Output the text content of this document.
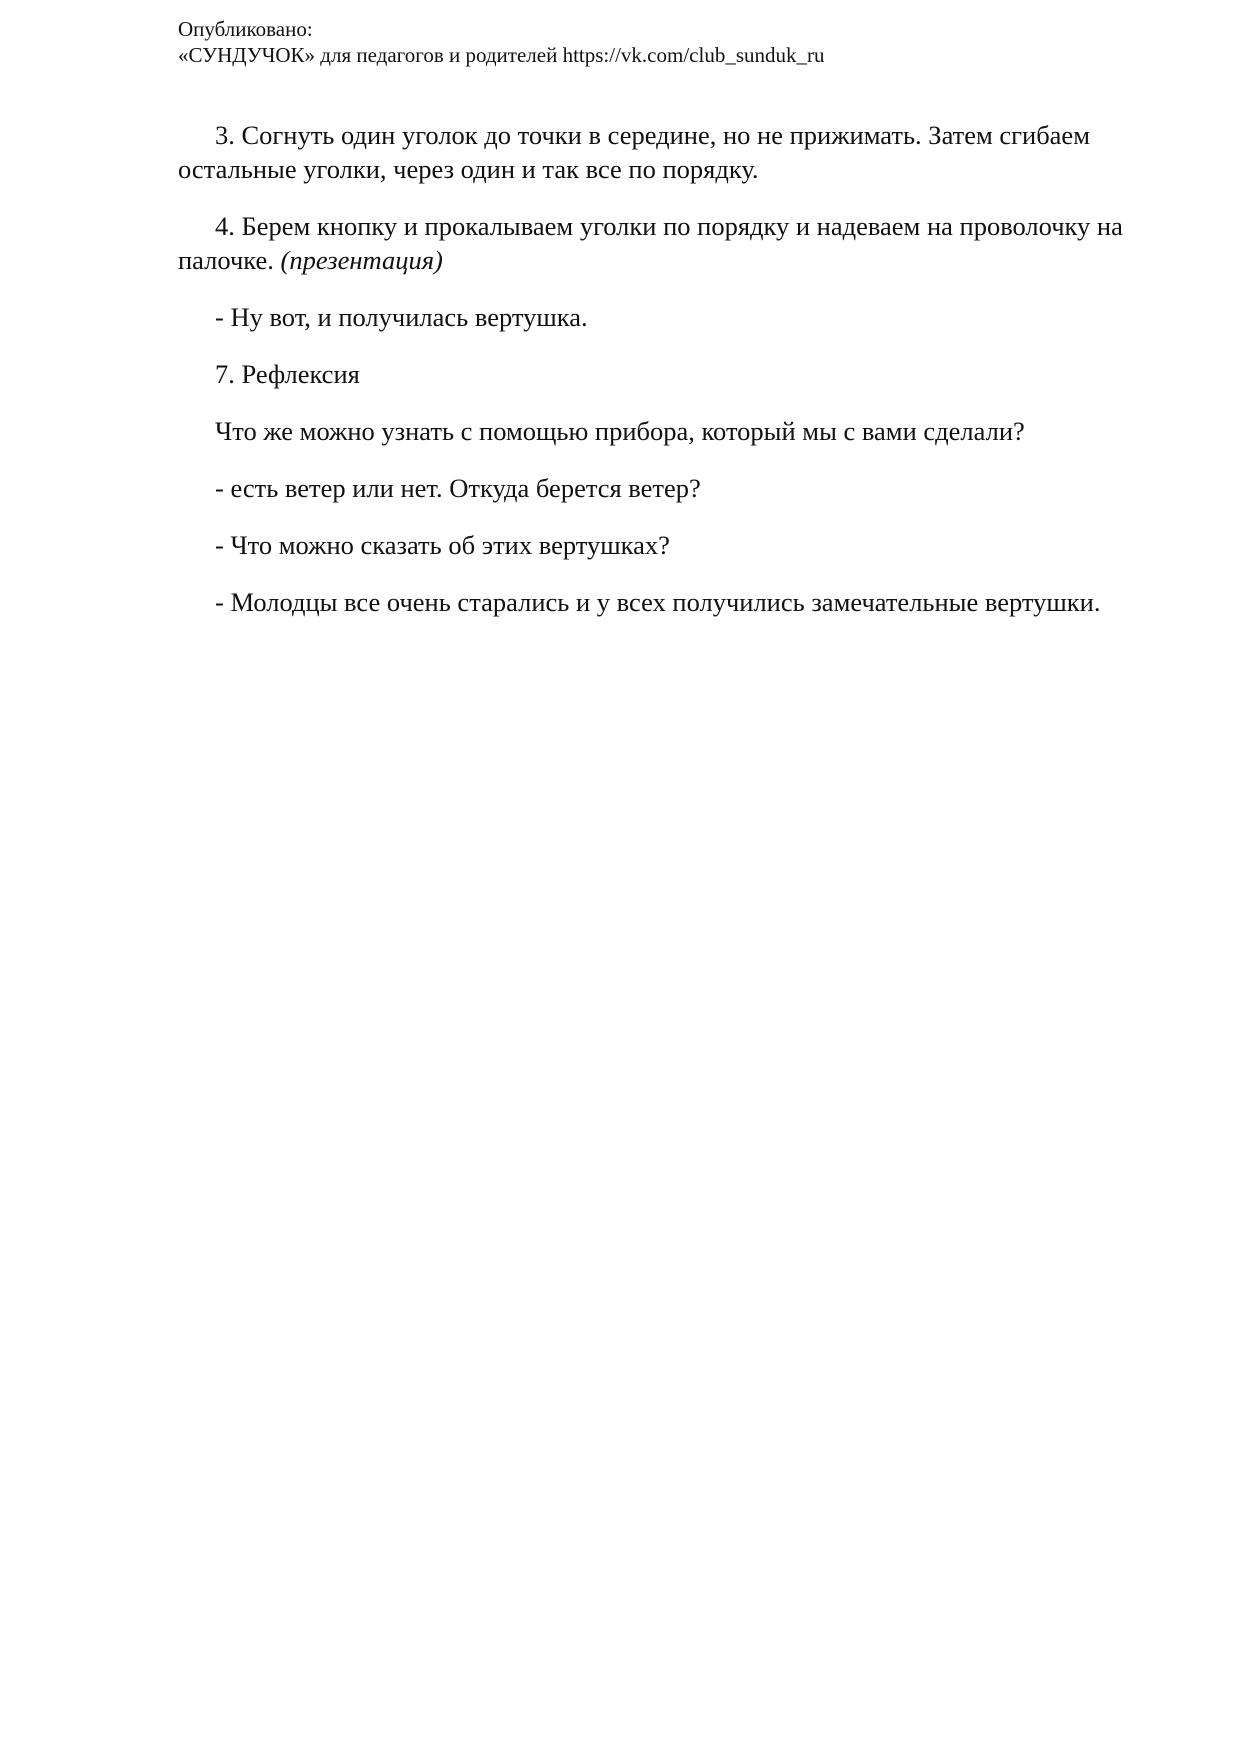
Опубликовано:
«СУНДУЧОК» для педагогов и родителей https://vk.com/club_sunduk_ru

3. Согнуть один уголок до точки в середине, но не прижимать. Затем сгибаем остальные уголки, через один и так все по порядку.

4. Берем кнопку и прокалываем уголки по порядку и надеваем на проволочку на палочке. (презентация)

- Ну вот, и получилась вертушка.

7. Рефлексия

Что же можно узнать с помощью прибора, который мы с вами сделали?

- есть ветер или нет. Откуда берется ветер?

- Что можно сказать об этих вертушках?

- Молодцы все очень старались и у всех получились замечательные вертушки.
